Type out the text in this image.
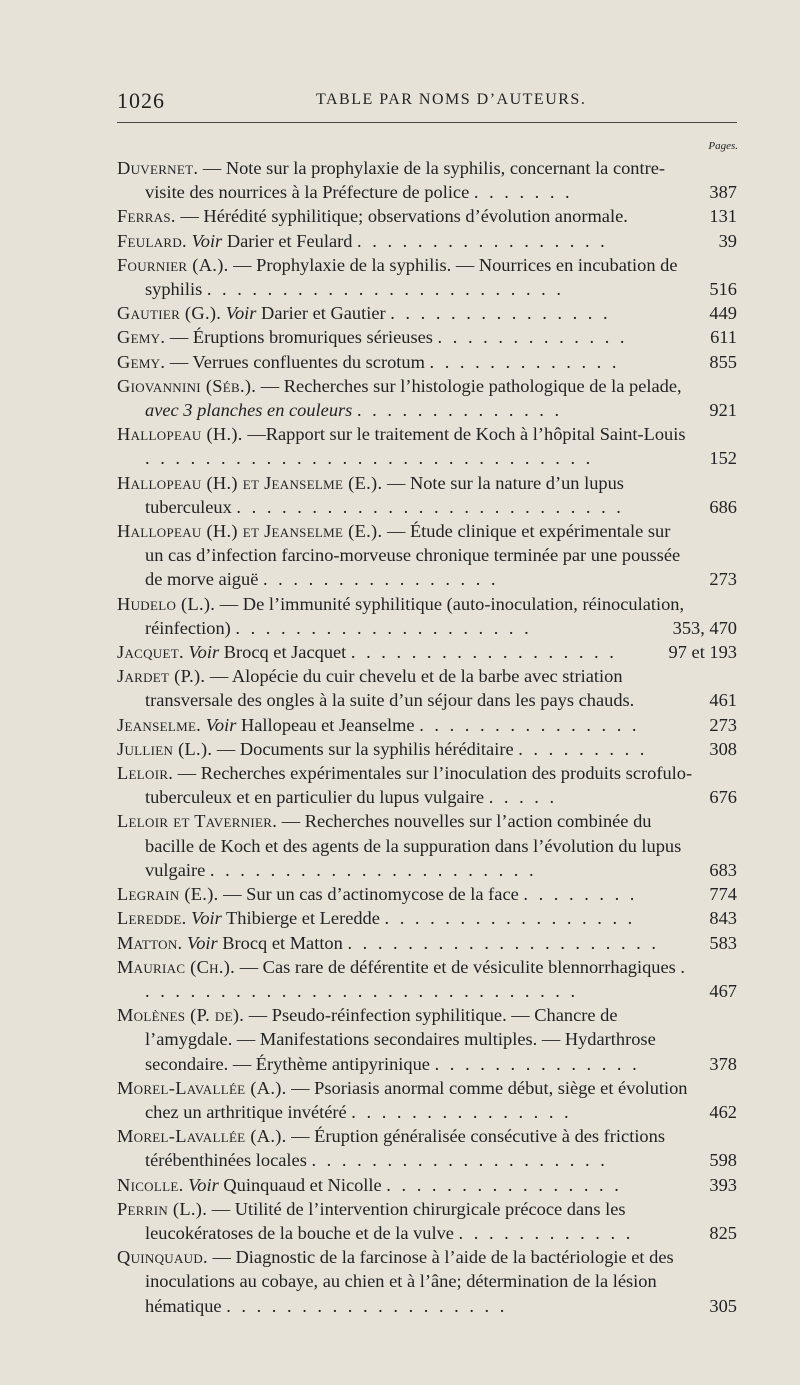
1026	TABLE PAR NOMS D’AUTEURS.
Pages.
Duvernet. — Note sur la prophylaxie de la syphilis, concernant la contre-visite des nourrices à la Préfecture de police . . . . . . .	387
Ferras. — Hérédité syphilitique; observations d’évolution anormale.	131
Feulard. Voir Darier et Feulard . . . . . . . . . . . . . . . . .	39
Fournier (A.). — Prophylaxie de la syphilis. — Nourrices en incubation de syphilis . . . . . . . . . . . . . . . . . . . . . . . .	516
Gautier (G.). Voir Darier et Gautier . . . . . . . . . . . . . . .	449
Gemy. — Éruptions bromuriques sérieuses . . . . . . . . . . . . .	611
Gemy. — Verrues confluentes du scrotum . . . . . . . . . . . . .	855
Giovannini (Séb.). — Recherches sur l’histologie pathologique de la pelade, avec 3 planches en couleurs . . . . . . . . . . . . . .	921
Hallopeau (H.). —Rapport sur le traitement de Koch à l’hôpital Saint-Louis . . . . . . . . . . . . . . . . . . . . . . . . . . . . . .	152
Hallopeau (H.) et Jeanselme (E.). — Note sur la nature d’un lupus tuberculeux . . . . . . . . . . . . . . . . . . . . . . . . . .	686
Hallopeau (H.) et Jeanselme (E.). — Étude clinique et expérimentale sur un cas d’infection farcino-morveuse chronique terminée par une poussée de morve aiguë . . . . . . . . . . . . . . . .	273
Hudelo (L.). — De l’immunité syphilitique (auto-inoculation, réinoculation, réinfection) . . . . . . . . . . . . . . . . . . . .	353, 470
Jacquet. Voir Brocq et Jacquet . . . . . . . . . . . . . . . . . .	97 et 193
Jardet (P.). — Alopécie du cuir chevelu et de la barbe avec striation transversale des ongles à la suite d’un séjour dans les pays chauds.	461
Jeanselme. Voir Hallopeau et Jeanselme . . . . . . . . . . . . . . .	273
Jullien (L.). — Documents sur la syphilis héréditaire . . . . . . . . .	308
Leloir. — Recherches expérimentales sur l’inoculation des produits scrofulo-tuberculeux et en particulier du lupus vulgaire . . . . .	676
Leloir et Tavernier. — Recherches nouvelles sur l’action combinée du bacille de Koch et des agents de la suppuration dans l’évolution du lupus vulgaire . . . . . . . . . . . . . . . . . . . . . .	683
Legrain (E.). — Sur un cas d’actinomycose de la face . . . . . . . .	774
Leredde. Voir Thibierge et Leredde . . . . . . . . . . . . . . . . .	843
Matton. Voir Brocq et Matton . . . . . . . . . . . . . . . . . . . . .	583
Mauriac (Ch.). — Cas rare de déférentite et de vésiculite blennorrhagiques . . . . . . . . . . . . . . . . . . . . . . . . . . . . . .	467
Molènes (P. de). — Pseudo-réinfection syphilitique. — Chancre de l’amygdale. — Manifestations secondaires multiples. — Hydarthrose secondaire. — Érythème antipyrinique . . . . . . . . . . . . . .	378
Morel-Lavallée (A.). — Psoriasis anormal comme début, siège et évolution chez un arthritique invétéré . . . . . . . . . . . . . . .	462
Morel-Lavallée (A.). — Éruption généralisée consécutive à des frictions térébenthinées locales . . . . . . . . . . . . . . . . . . . .	598
Nicolle. Voir Quinquaud et Nicolle . . . . . . . . . . . . . . . .	393
Perrin (L.). — Utilité de l’intervention chirurgicale précoce dans les leucokératoses de la bouche et de la vulve . . . . . . . . . . . .	825
Quinquaud. — Diagnostic de la farcinose à l’aide de la bactériologie et des inoculations au cobaye, au chien et à l’âne; détermination de la lésion hématique . . . . . . . . . . . . . . . . . . .	305
